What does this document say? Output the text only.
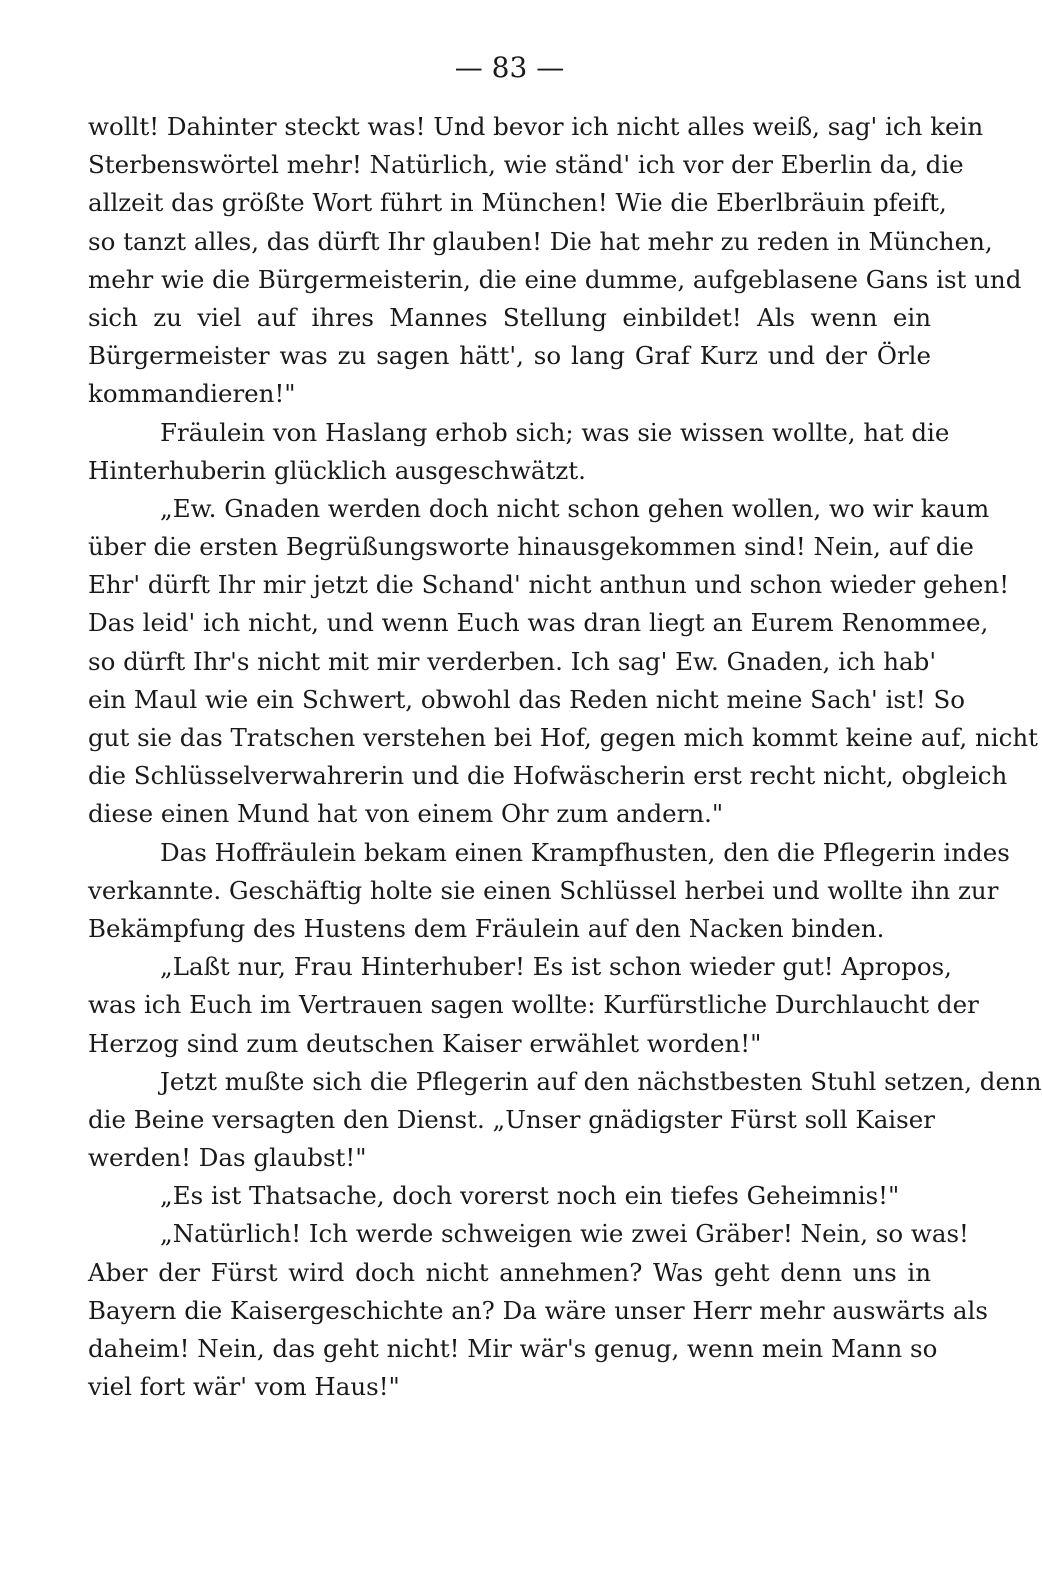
— 83 —
wollt! Dahinter steckt was! Und bevor ich nicht alles weiß, sag' ich kein
Sterbenswörtel mehr! Natürlich, wie ständ' ich vor der Eberlin da, die
allzeit das größte Wort führt in München! Wie die Eberlbräuin pfeift,
so tanzt alles, das dürft Ihr glauben! Die hat mehr zu reden in München,
mehr wie die Bürgermeisterin, die eine dumme, aufgeblasene Gans ist und
sich zu viel auf ihres Mannes Stellung einbildet! Als wenn ein
Bürgermeister was zu sagen hätt', so lang Graf Kurz und der Örle
kommandieren!"
Fräulein von Haslang erhob sich; was sie wissen wollte, hat die
Hinterhuberin glücklich ausgeschwätzt.
„Ew. Gnaden werden doch nicht schon gehen wollen, wo wir kaum
über die ersten Begrüßungsworte hinausgekommen sind! Nein, auf die
Ehr' dürft Ihr mir jetzt die Schand' nicht anthun und schon wieder gehen!
Das leid' ich nicht, und wenn Euch was dran liegt an Eurem Renommee,
so dürft Ihr's nicht mit mir verderben. Ich sag' Ew. Gnaden, ich hab'
ein Maul wie ein Schwert, obwohl das Reden nicht meine Sach' ist! So
gut sie das Tratschen verstehen bei Hof, gegen mich kommt keine auf, nicht
die Schlüsselverwahrerin und die Hofwäscherin erst recht nicht, obgleich
diese einen Mund hat von einem Ohr zum andern."
Das Hoffräulein bekam einen Krampfhusten, den die Pflegerin indes
verkannte. Geschäftig holte sie einen Schlüssel herbei und wollte ihn zur
Bekämpfung des Hustens dem Fräulein auf den Nacken binden.
„Laßt nur, Frau Hinterhuber! Es ist schon wieder gut! Apropos,
was ich Euch im Vertrauen sagen wollte: Kurfürstliche Durchlaucht der
Herzog sind zum deutschen Kaiser erwählet worden!"
Jetzt mußte sich die Pflegerin auf den nächstbesten Stuhl setzen, denn
die Beine versagten den Dienst. „Unser gnädigster Fürst soll Kaiser
werden! Das glaubst!"
„Es ist Thatsache, doch vorerst noch ein tiefes Geheimnis!"
„Natürlich! Ich werde schweigen wie zwei Gräber! Nein, so was!
Aber der Fürst wird doch nicht annehmen? Was geht denn uns in
Bayern die Kaisergeschichte an? Da wäre unser Herr mehr auswärts als
daheim! Nein, das geht nicht! Mir wär's genug, wenn mein Mann so
viel fort wär' vom Haus!"
